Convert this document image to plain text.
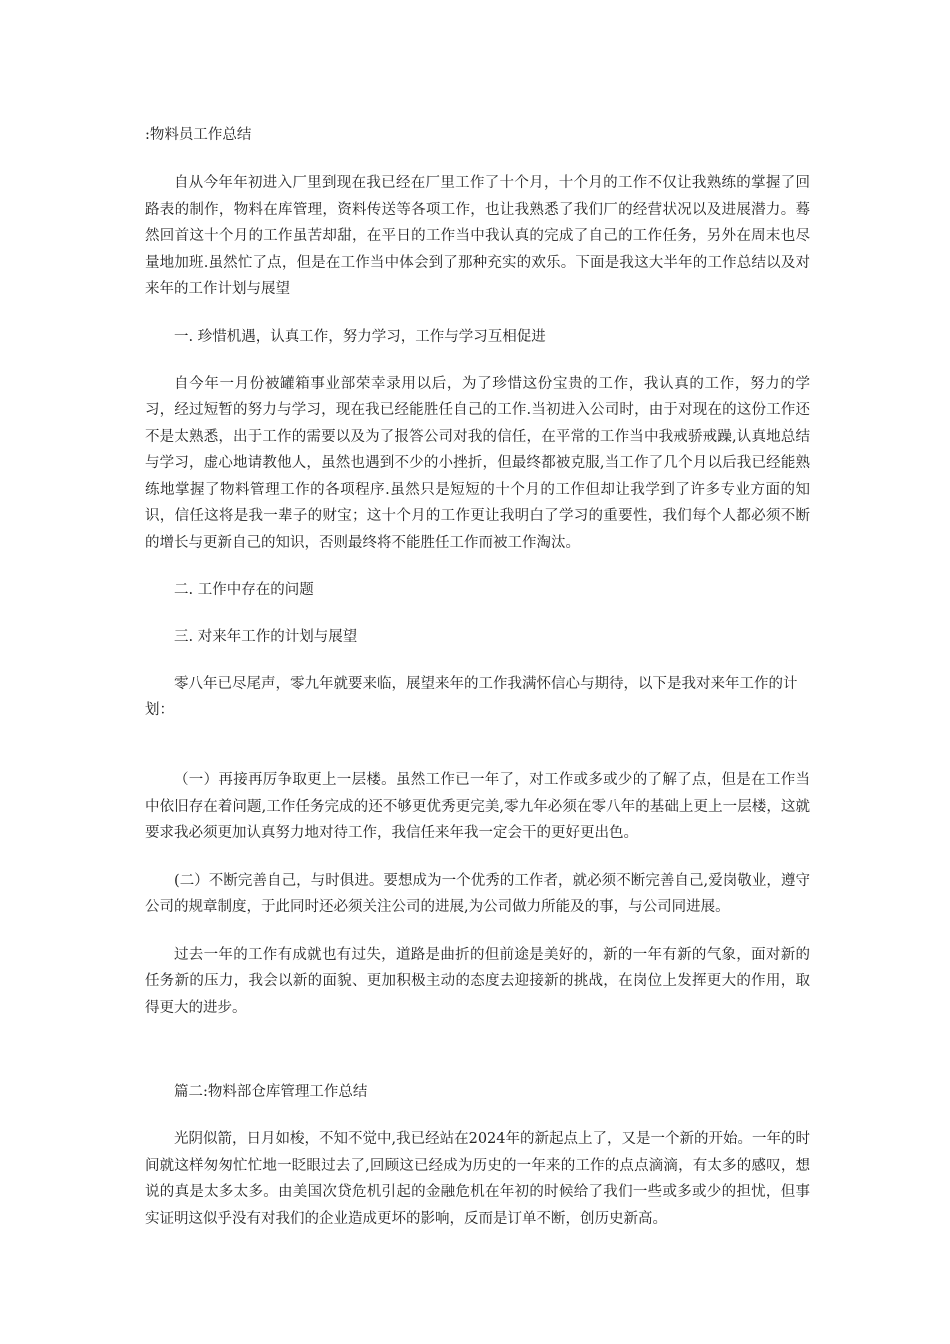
:物料员工作总结
自从今年年初进入厂里到现在我已经在厂里工作了十个月，十个月的工作不仅让我熟练的掌握了回路表的制作，物料在库管理，资料传送等各项工作，也让我熟悉了我们厂的经营状况以及进展潜力。蓦然回首这十个月的工作虽苦却甜，在平日的工作当中我认真的完成了自己的工作任务，另外在周末也尽量地加班.虽然忙了点，但是在工作当中体会到了那种充实的欢乐。下面是我这大半年的工作总结以及对来年的工作计划与展望
一. 珍惜机遇，认真工作，努力学习，工作与学习互相促进
自今年一月份被罐箱事业部荣幸录用以后，为了珍惜这份宝贵的工作，我认真的工作，努力的学习，经过短暂的努力与学习，现在我已经能胜任自己的工作.当初进入公司时，由于对现在的这份工作还不是太熟悉，出于工作的需要以及为了报答公司对我的信任，在平常的工作当中我戒骄戒躁,认真地总结与学习，虚心地请教他人，虽然也遇到不少的小挫折，但最终都被克服,当工作了几个月以后我已经能熟练地掌握了物料管理工作的各项程序.虽然只是短短的十个月的工作但却让我学到了许多专业方面的知识，信任这将是我一辈子的财宝；这十个月的工作更让我明白了学习的重要性，我们每个人都必须不断的增长与更新自己的知识，否则最终将不能胜任工作而被工作淘汰。
二. 工作中存在的问题
三. 对来年工作的计划与展望
零八年已尽尾声，零九年就要来临，展望来年的工作我满怀信心与期待，以下是我对来年工作的计划：
（一）再接再厉争取更上一层楼。虽然工作已一年了，对工作或多或少的了解了点，但是在工作当中依旧存在着问题,工作任务完成的还不够更优秀更完美,零九年必须在零八年的基础上更上一层楼，这就要求我必须更加认真努力地对待工作，我信任来年我一定会干的更好更出色。
(二）不断完善自己，与时俱进。要想成为一个优秀的工作者，就必须不断完善自己,爱岗敬业，遵守公司的规章制度，于此同时还必须关注公司的进展,为公司做力所能及的事，与公司同进展。
过去一年的工作有成就也有过失，道路是曲折的但前途是美好的，新的一年有新的气象，面对新的任务新的压力，我会以新的面貌、更加积极主动的态度去迎接新的挑战，在岗位上发挥更大的作用，取得更大的进步。
篇二:物料部仓库管理工作总结
光阴似箭，日月如梭，不知不觉中,我已经站在2024年的新起点上了，又是一个新的开始。一年的时间就这样匆匆忙忙地一眨眼过去了,回顾这已经成为历史的一年来的工作的点点滴滴，有太多的感叹，想说的真是太多太多。由美国次贷危机引起的金融危机在年初的时候给了我们一些或多或少的担忧，但事实证明这似乎没有对我们的企业造成更坏的影响，反而是订单不断，创历史新高。
